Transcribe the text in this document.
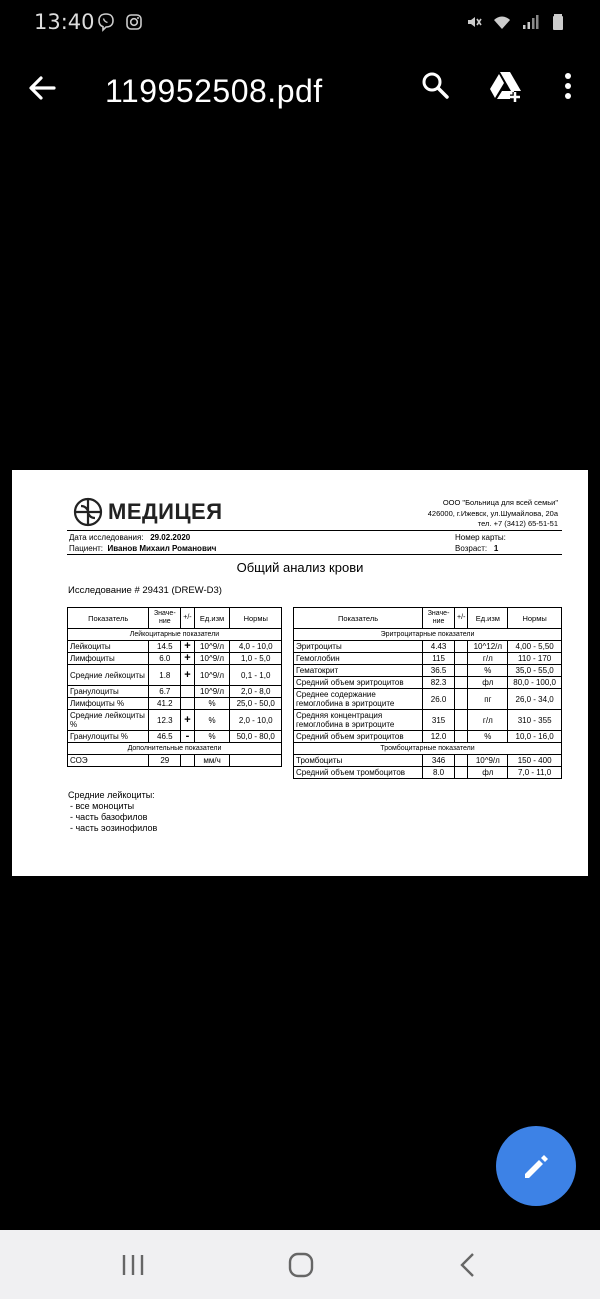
13:40
119952508.pdf
МЕДИЦЕЯ	ООО "Больница для всей семьи"
426000, г.Ижевск, ул.Шумайлова, 20а
тел. +7 (3412) 65-51-51
Дата исследования: 29.02.2020
Пациент: Иванов Михаил Романович
Номер карты:
Возраст: 1
Общий анализ крови
Исследование # 29431 (DREW-D3)
Показатель	Значе-ние	+/-	Ед.изм	Нормы
Лейкоцитарные показатели				
Лейкоциты	14.5	+	10^9/л	4,0 - 10,0
Лимфоциты	6.0	+	10^9/л	1,0 - 5,0
Средние лейкоциты	1.8	+	10^9/л	0,1 - 1,0
Гранулоциты	6.7		10^9/л	2,0 - 8,0
Лимфоциты %	41.2		%	25,0 - 50,0
Средние лейкоциты %	12.3	+	%	2,0 - 10,0
Гранулоциты %	46.5	-	%	50,0 - 80,0
Дополнительные показатели				
СОЭ	29		мм/ч	
Показатель	Значе-ние	+/-	Ед.изм	Нормы
Эритроцитарные показатели				
Эритроциты	4.43		10^12/л	4,00 - 5,50
Гемоглобин	115		г/л	110 - 170
Гематокрит	36.5		%	35,0 - 55,0
Средний объем эритроцитов	82.3		фл	80,0 - 100,0
Среднее содержание гемоглобина в эритроците	26.0		пг	26,0 - 34,0
Средняя концентрация гемоглобина в эритроците	315		г/л	310 - 355
Средний объем эритроцитов	12.0		%	10,0 - 16,0
Тромбоцитарные показатели				
Тромбоциты	346		10^9/л	150 - 400
Средний объем тромбоцитов	8.0		фл	7,0 - 11,0
Средние лейкоциты:
- все моноциты
- часть базофилов
- часть эозинофилов
